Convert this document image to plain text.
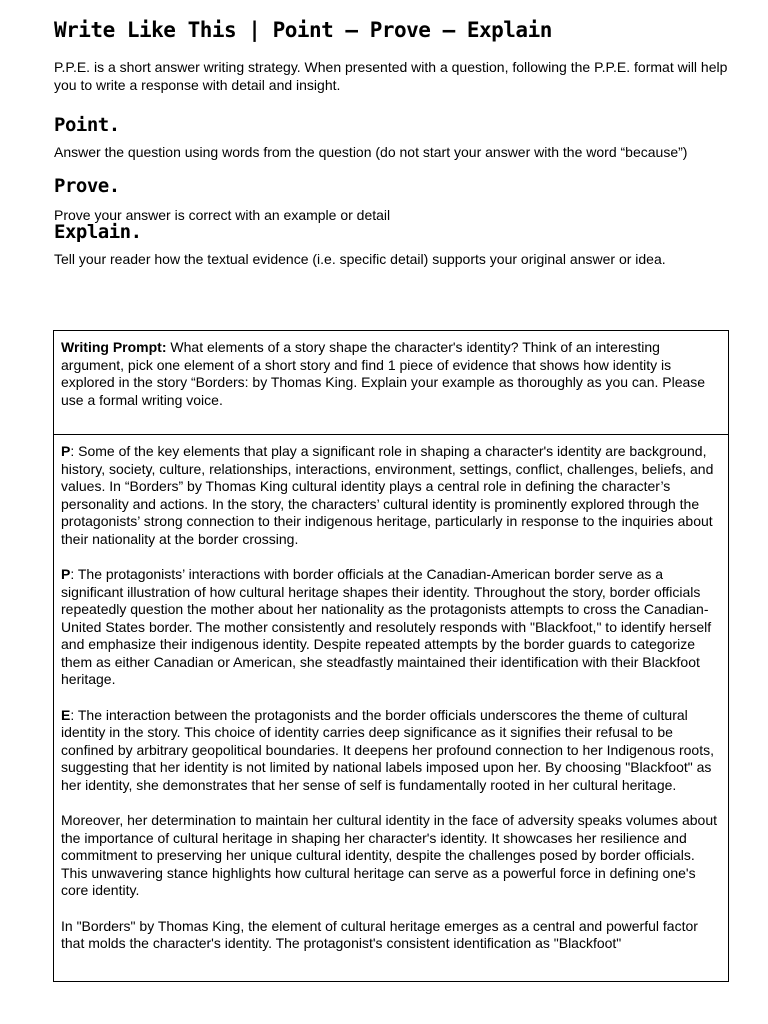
Write Like This | Point – Prove – Explain
P.P.E. is a short answer writing strategy. When presented with a question, following the P.P.E. format will help you to write a response with detail and insight.
Point.
Answer the question using words from the question (do not start your answer with the word “because”)
Prove.
Prove your answer is correct with an example or detail
Explain.
Tell your reader how the textual evidence (i.e. specific detail) supports your original answer or idea.
Writing Prompt: What elements of a story shape the character's identity? Think of an interesting argument, pick one element of a short story and find 1 piece of evidence that shows how identity is explored in the story “Borders: by Thomas King. Explain your example as thoroughly as you can. Please use a formal writing voice.

P: Some of the key elements that play a significant role in shaping a character's identity are background, history, society, culture, relationships, interactions, environment, settings, conflict, challenges, beliefs, and values. In “Borders” by Thomas King cultural identity plays a central role in defining the character’s personality and actions. In the story, the characters’ cultural identity is prominently explored through the protagonists’ strong connection to their indigenous heritage, particularly in response to the inquiries about their nationality at the border crossing.

P: The protagonists’ interactions with border officials at the Canadian-American border serve as a significant illustration of how cultural heritage shapes their identity. Throughout the story, border officials repeatedly question the mother about her nationality as the protagonists attempts to cross the Canadian-United States border. The mother consistently and resolutely responds with "Blackfoot," to identify herself and emphasize their indigenous identity. Despite repeated attempts by the border guards to categorize them as either Canadian or American, she steadfastly maintained their identification with their Blackfoot heritage.

E: The interaction between the protagonists and the border officials underscores the theme of cultural identity in the story. This choice of identity carries deep significance as it signifies their refusal to be confined by arbitrary geopolitical boundaries. It deepens her profound connection to her Indigenous roots, suggesting that her identity is not limited by national labels imposed upon her. By choosing "Blackfoot" as her identity, she demonstrates that her sense of self is fundamentally rooted in her cultural heritage.

Moreover, her determination to maintain her cultural identity in the face of adversity speaks volumes about the importance of cultural heritage in shaping her character's identity. It showcases her resilience and commitment to preserving her unique cultural identity, despite the challenges posed by border officials. This unwavering stance highlights how cultural heritage can serve as a powerful force in defining one's core identity.

In "Borders" by Thomas King, the element of cultural heritage emerges as a central and powerful factor that molds the character's identity. The protagonist's consistent identification as "Blackfoot"
